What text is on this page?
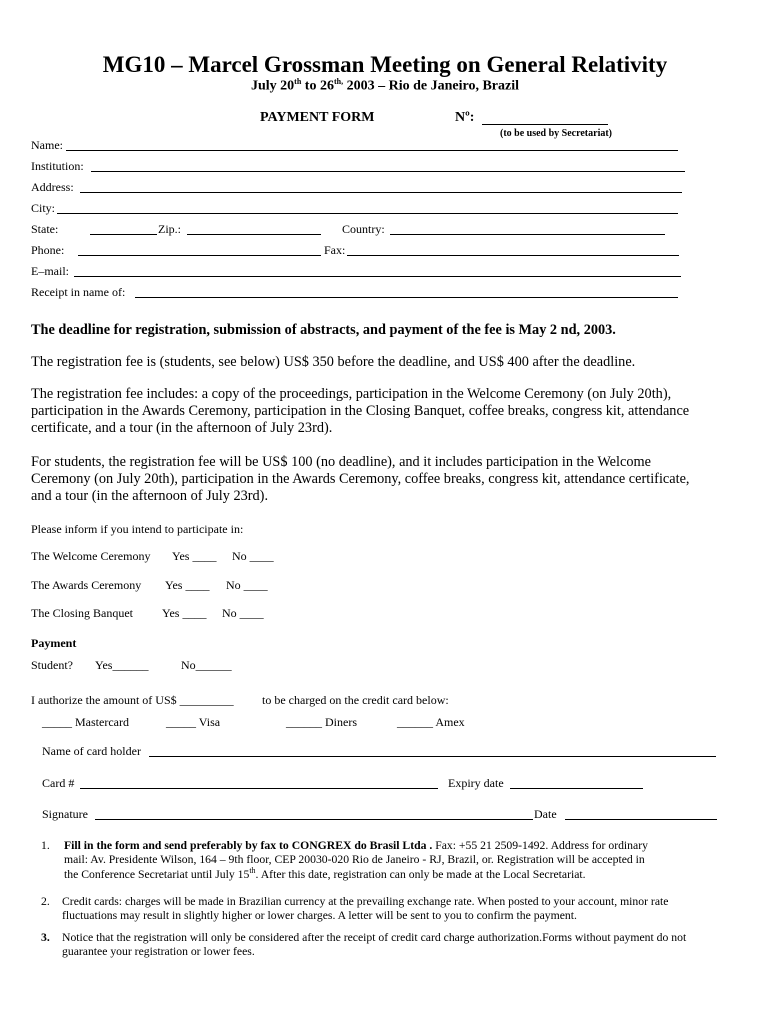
MG10 – Marcel Grossman Meeting on General Relativity
July 20th to $26^{th,}$ 2003 – Rio de Janeiro, Brazil
PAYMENT FORM	Nº:
(to be used by Secretariat)
Name:
Institution:
Address:
City:
State:	Zip.:	Country:
Phone:	Fax:
E–mail:
Receipt in name of:
The deadline for registration, submission of abstracts, and payment of the fee is May 2 nd, 2003.
The registration fee is (students, see below) US$ 350 before the deadline, and US$ 400 after the deadline.
The registration fee includes: a copy of the proceedings, participation in the Welcome Ceremony (on July 20th), participation in the Awards Ceremony, participation in the Closing Banquet, coffee breaks, congress kit, attendance certificate, and a tour (in the afternoon of July 23rd).
For students, the registration fee will be US$ 100 (no deadline), and it includes participation in the Welcome Ceremony (on July 20th), participation in the Awards Ceremony, coffee breaks, congress kit, attendance certificate, and a tour (in the afternoon of July 23rd).
Please inform if you intend to participate in:
The Welcome Ceremony Yes ____ No ____
The Awards Ceremony Yes ____ No ____
The Closing Banquet Yes ____ No ____
Payment
Student? Yes______	No______
I authorize the amount of US$ _________ to be charged on the credit card below:
_____ Mastercard	_____ Visa	______ Diners	______ Amex
Name of card holder
Card #	Expiry date
Signature	Date
1. Fill in the form and send preferably by fax to CONGREX do Brasil Ltda . Fax: +55 21 2509-1492. Address for ordinary
mail: Av. Presidente Wilson, 164 – 9th floor, CEP 20030-020 Rio de Janeiro - RJ, Brazil, or. Registration will be accepted in
the Conference Secretariat until July 15th. After this date, registration can only be made at the Local Secretariat.
2. Credit cards: charges will be made in Brazilian currency at the prevailing exchange rate. When posted to your account, minor rate fluctuations may result in slightly higher or lower charges. A letter will be sent to you to confirm the payment.
3. Notice that the registration will only be considered after the receipt of credit card charge authorization.Forms without payment do not guarantee your registration or lower fees.
